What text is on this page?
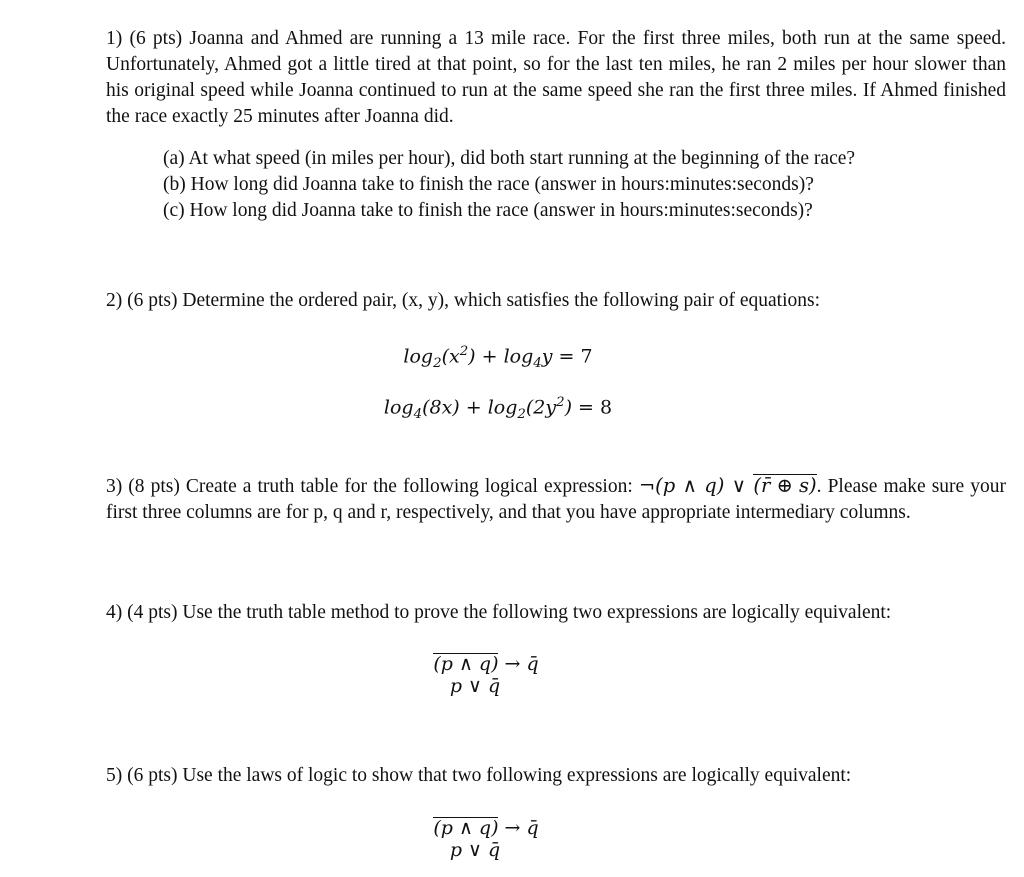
1) (6 pts) Joanna and Ahmed are running a 13 mile race. For the first three miles, both run at the same speed. Unfortunately, Ahmed got a little tired at that point, so for the last ten miles, he ran 2 miles per hour slower than his original speed while Joanna continued to run at the same speed she ran the first three miles. If Ahmed finished the race exactly 25 minutes after Joanna did.

(a) At what speed (in miles per hour), did both start running at the beginning of the race?
(b) How long did Joanna take to finish the race (answer in hours:minutes:seconds)?
(c) How long did Joanna take to finish the race (answer in hours:minutes:seconds)?

2) (6 pts) Determine the ordered pair, (x, y), which satisfies the following pair of equations:

$\log_2(x^2) + \log_4y = 7$
$\log_4(8x) + \log_2(2y^2) = 8$

3) (8 pts) Create a truth table for the following logical expression: ¬(p ∧ q) ∨ (r̄ ⊕ s). Please make sure your first three columns are for p, q and r, respectively, and that you have appropriate intermediary columns.

4) (4 pts) Use the truth table method to prove the following two expressions are logically equivalent:

(p ∧ q) → q̄
p ∨ q̄

5) (6 pts) Use the laws of logic to show that two following expressions are logically equivalent:

(p ∧ q) → q̄
p ∨ q̄
